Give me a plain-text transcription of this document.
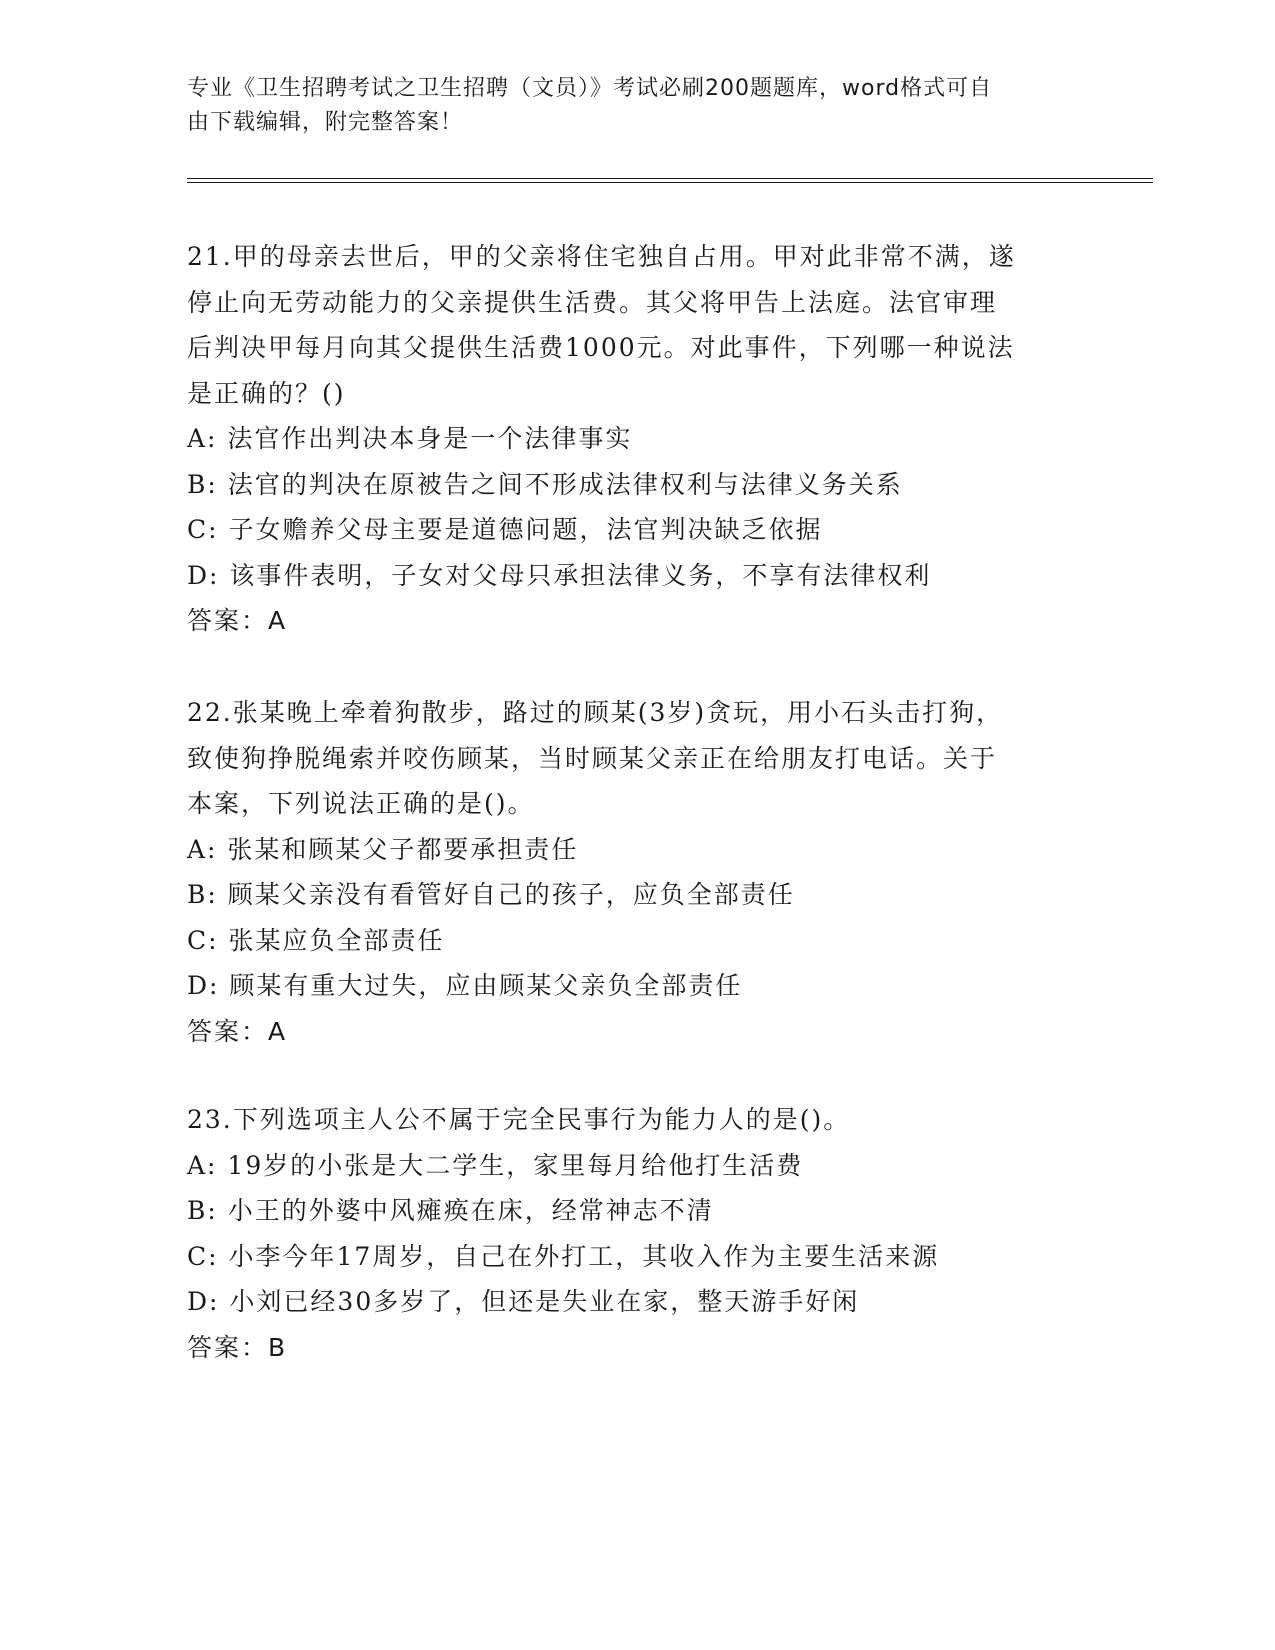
专业《卫生招聘考试之卫生招聘（文员）》考试必刷200题题库，word格式可自
由下载编辑，附完整答案！
21.甲的母亲去世后，甲的父亲将住宅独自占用。甲对此非常不满，遂
停止向无劳动能力的父亲提供生活费。其父将甲告上法庭。法官审理
后判决甲每月向其父提供生活费1000元。对此事件，下列哪一种说法
是正确的？()
A: 法官作出判决本身是一个法律事实
B: 法官的判决在原被告之间不形成法律权利与法律义务关系
C: 子女赡养父母主要是道德问题，法官判决缺乏依据
D: 该事件表明，子女对父母只承担法律义务，不享有法律权利
答案：A
22.张某晚上牵着狗散步，路过的顾某(3岁)贪玩，用小石头击打狗，
致使狗挣脱绳索并咬伤顾某，当时顾某父亲正在给朋友打电话。关于
本案，下列说法正确的是()。
A: 张某和顾某父子都要承担责任
B: 顾某父亲没有看管好自己的孩子，应负全部责任
C: 张某应负全部责任
D: 顾某有重大过失，应由顾某父亲负全部责任
答案：A
23.下列选项主人公不属于完全民事行为能力人的是()。
A: 19岁的小张是大二学生，家里每月给他打生活费
B: 小王的外婆中风瘫痪在床，经常神志不清
C: 小李今年17周岁，自己在外打工，其收入作为主要生活来源
D: 小刘已经30多岁了，但还是失业在家，整天游手好闲
答案：B
